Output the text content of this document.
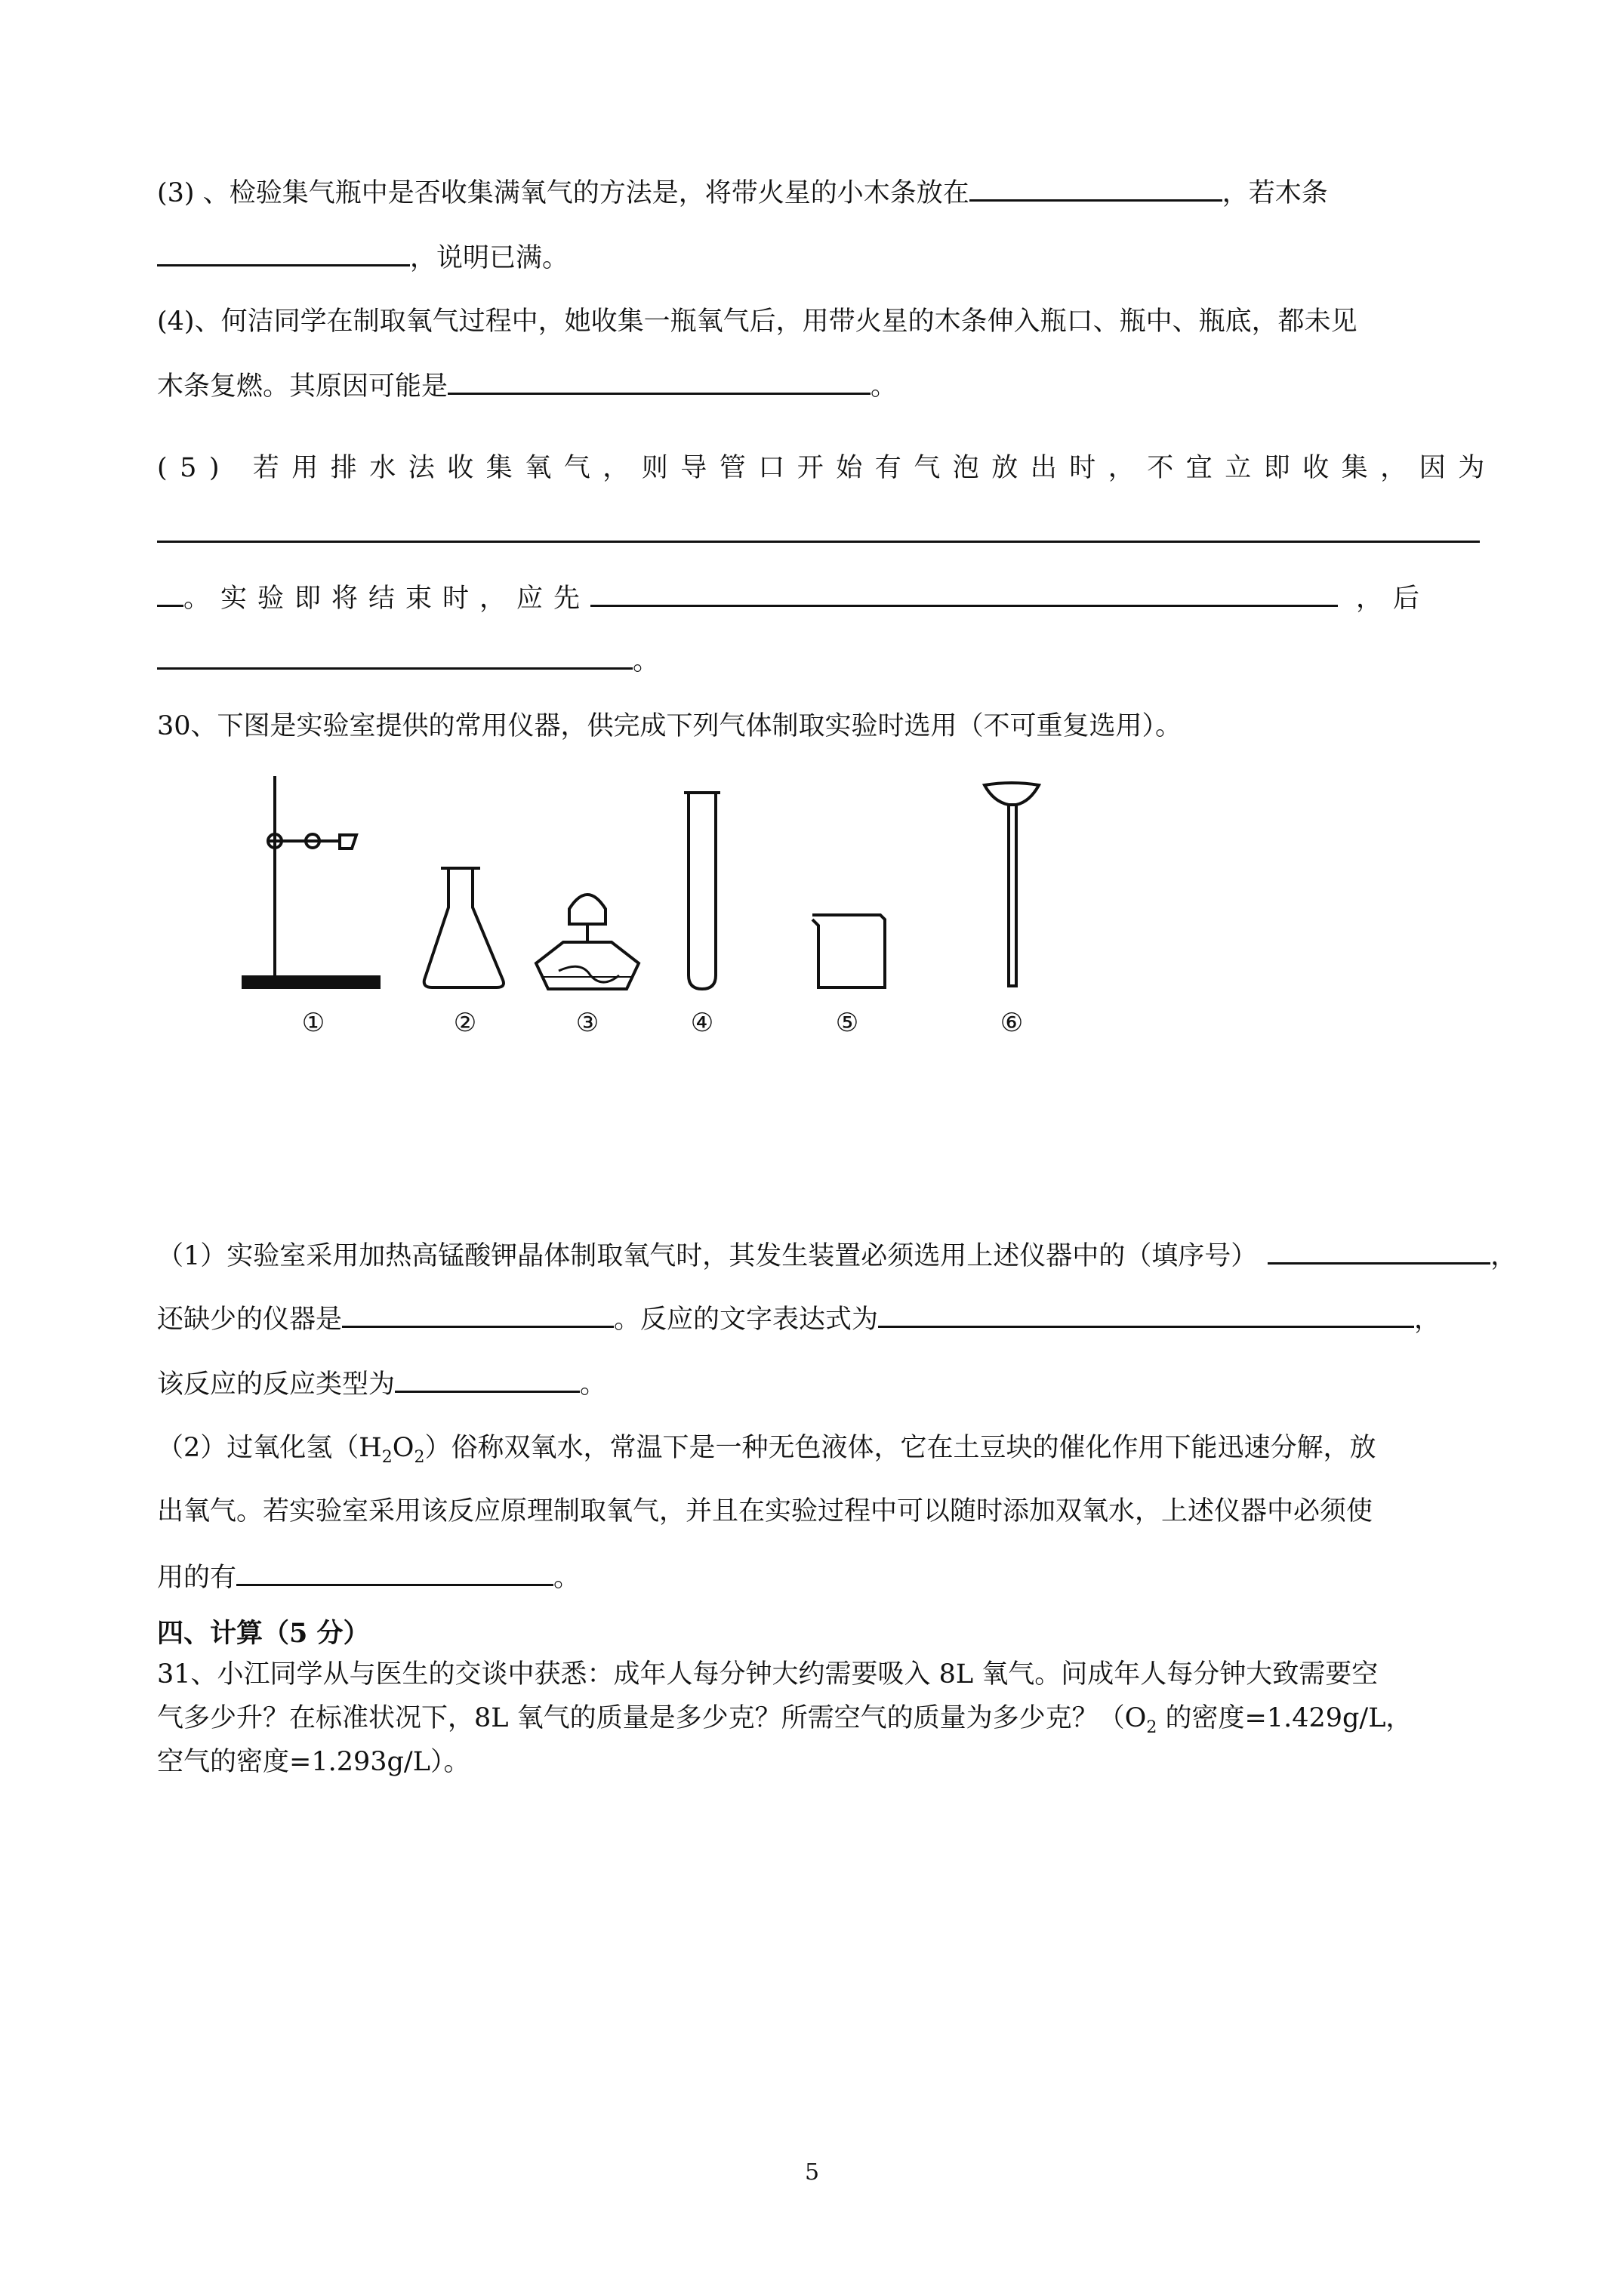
(3) 、检验集气瓶中是否收集满氧气的方法是，将带火星的小木条放在	，若木条
，说明已满。
(4)、何洁同学在制取氧气过程中，她收集一瓶氧气后，用带火星的木条伸入瓶口、瓶中、瓶底，都未见
木条复燃。其原因可能是	。
(5) 若用排水法收集氧气，则导管口开始有气泡放出时，不宜立即收集，因为
。实验即将结束时，应先	，后
。
30、下图是实验室提供的常用仪器，供完成下列气体制取实验时选用（不可重复选用）。
①	②	③	④	⑤	⑥
（1）实验室采用加热高锰酸钾晶体制取氧气时，其发生装置必须选用上述仪器中的（填序号）	，
还缺少的仪器是	。反应的文字表达式为	，
该反应的反应类型为	。
（2）过氧化氢$(H_2O_2)$俗称双氧水，常温下是一种无色液体，它在土豆块的催化作用下能迅速分解，放
出氧气。若实验室采用该反应原理制取氧气，并且在实验过程中可以随时添加双氧水，上述仪器中必须使
用的有	。
四、计算（5 分）
31、小江同学从与医生的交谈中获悉：成年人每分钟大约需要吸入 8L 氧气。问成年人每分钟大致需要空
气多少升？在标准状况下，8L 氧气的质量是多少克？所需空气的质量为多少克？（$O_2$ 的密度=1.429g/L，
空气的密度=1.293g/L）。
5
